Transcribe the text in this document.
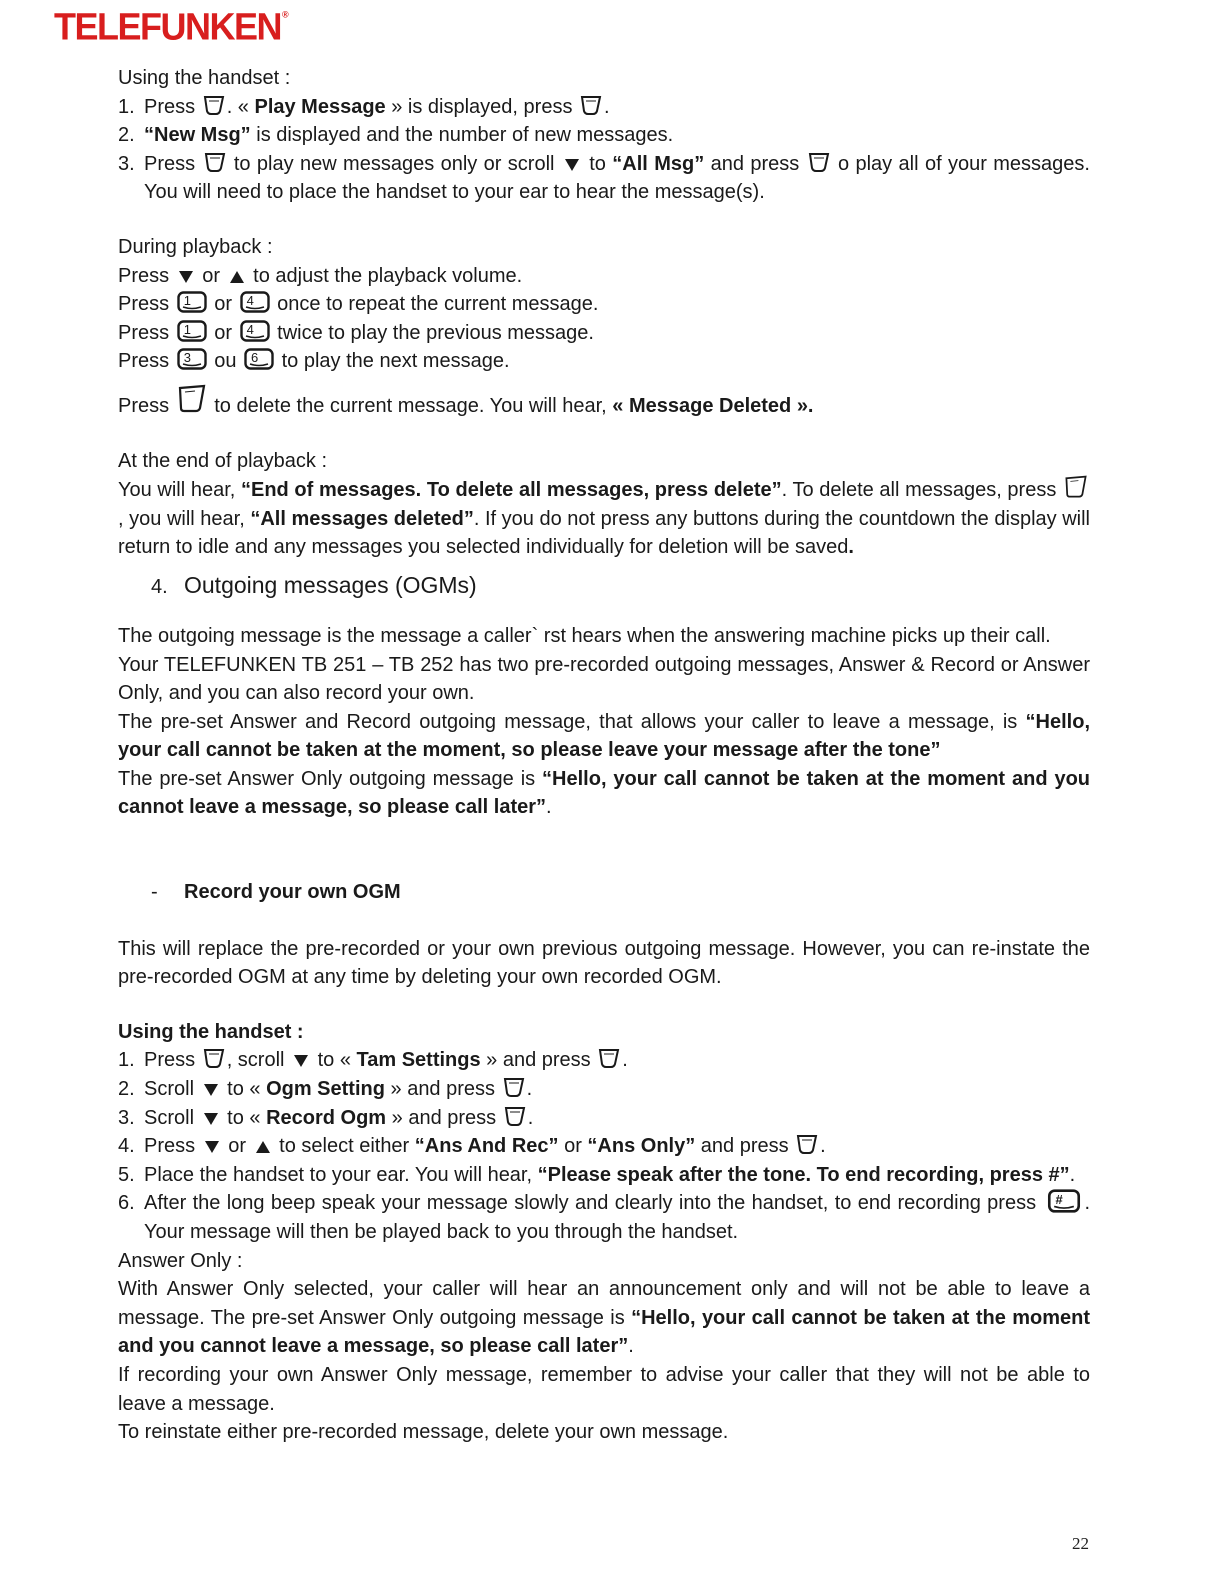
TELEFUNKEN®
Using the handset :
1. Press . « Play Message » is displayed, press .
2. “New Msg” is displayed and the number of new messages.
3. Press  to play new messages only or scroll  to “All Msg” and press  o play all of your messages. You will need to place the handset to your ear to hear the message(s).
During playback :
Press  or  to adjust the playback volume.
Press 1 or 4 once to repeat the current message.
Press 1 or 4 twice to play the previous message.
Press 3 ou 6 to play the next message.
Press  to delete the current message. You will hear, « Message Deleted ».
At the end of playback :
You will hear, “End of messages. To delete all messages, press delete”. To delete all messages, press , you will hear, “All messages deleted”. If you do not press any buttons during the countdown the display will return to idle and any messages you selected individually for deletion will be saved.
4. Outgoing messages (OGMs)
The outgoing message is the message a caller` rst hears when the answering machine picks up their call.
Your TELEFUNKEN TB 251 – TB 252 has two pre-recorded outgoing messages, Answer & Record or Answer Only, and you can also record your own.
The pre-set Answer and Record outgoing message, that allows your caller to leave a message, is “Hello, your call cannot be taken at the moment, so please leave your message after the tone”
The pre-set Answer Only outgoing message is “Hello, your call cannot be taken at the moment and you cannot leave a message, so please call later”.
- Record your own OGM
This will replace the pre-recorded or your own previous outgoing message. However, you can re-instate the pre-recorded OGM at any time by deleting your own recorded OGM.
Using the handset :
1. Press , scroll  to « Tam Settings » and press .
2. Scroll  to « Ogm Setting » and press .
3. Scroll  to « Record Ogm » and press .
4. Press  or  to select either “Ans And Rec” or “Ans Only” and press .
5. Place the handset to your ear. You will hear, “Please speak after the tone. To end recording, press #”.
6. After the long beep speak your message slowly and clearly into the handset, to end recording press # . Your message will then be played back to you through the handset.
Answer Only :
With Answer Only selected, your caller will hear an announcement only and will not be able to leave a message. The pre-set Answer Only outgoing message is “Hello, your call cannot be taken at the moment and you cannot leave a message, so please call later”.
If recording your own Answer Only message, remember to advise your caller that they will not be able to leave a message.
To reinstate either pre-recorded message, delete your own message.
22
